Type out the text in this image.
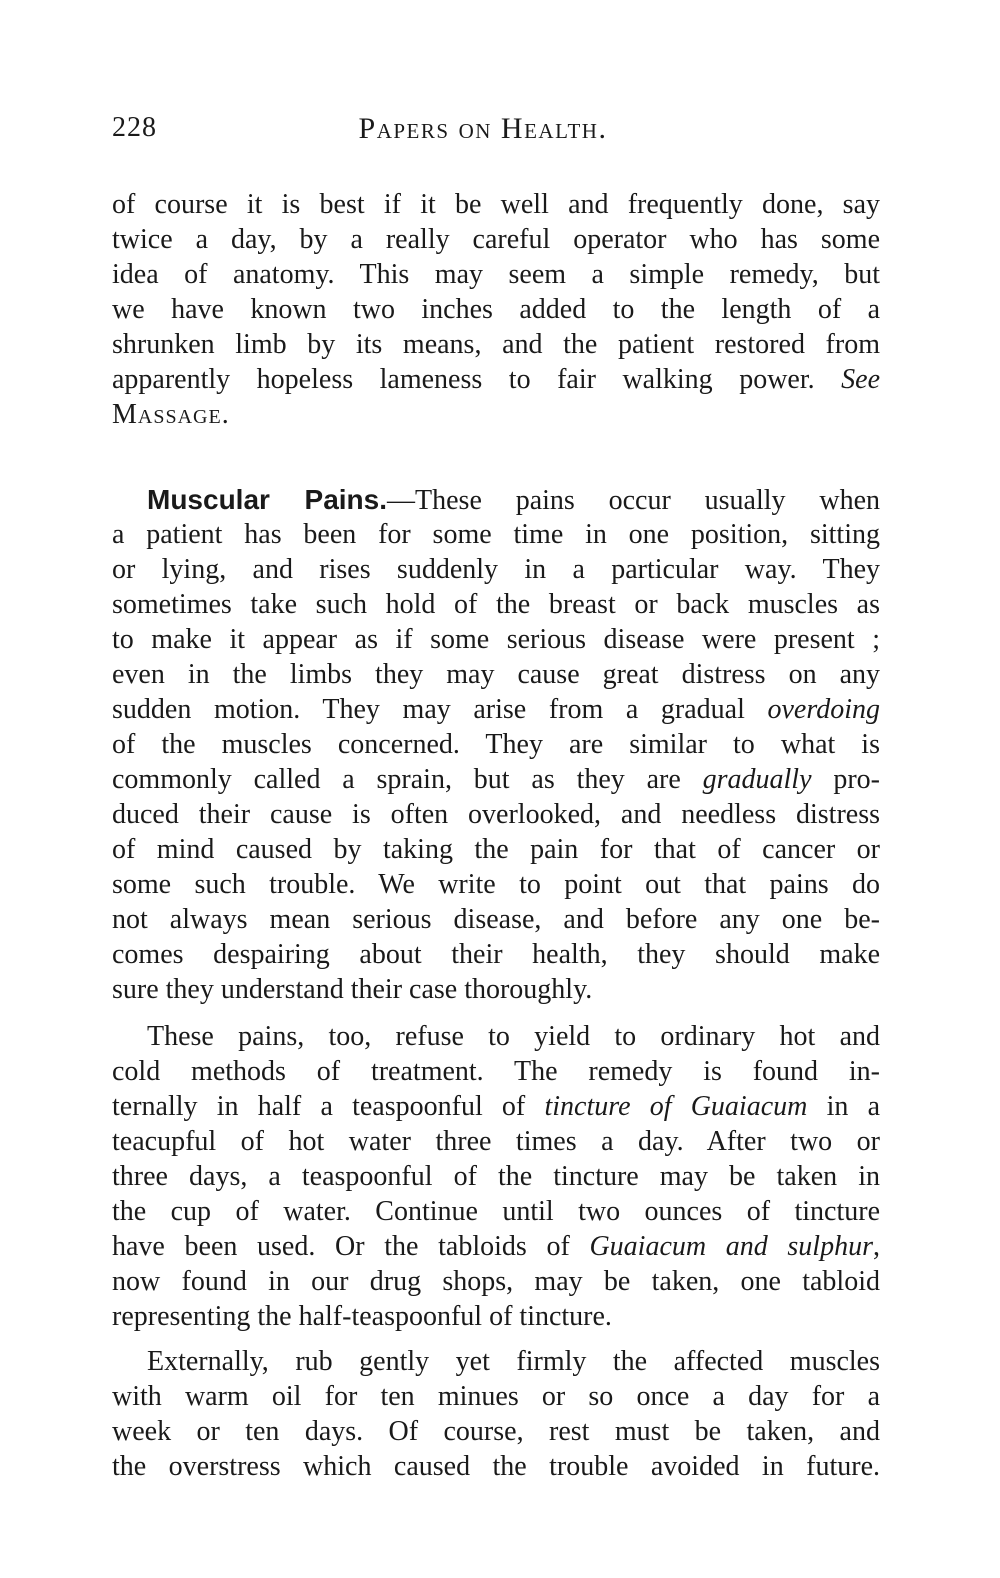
228	Papers on Health.
of course it is best if it be well and frequently done, say
twice a day, by a really careful operator who has some
idea of anatomy. This may seem a simple remedy, but
we have known two inches added to the length of a
shrunken limb by its means, and the patient restored from
apparently hopeless lameness to fair walking power. See
Massage.
Muscular Pains.—These pains occur usually when
a patient has been for some time in one position, sitting
or lying, and rises suddenly in a particular way. They
sometimes take such hold of the breast or back muscles as
to make it appear as if some serious disease were present ;
even in the limbs they may cause great distress on any
sudden motion. They may arise from a gradual overdoing
of the muscles concerned. They are similar to what is
commonly called a sprain, but as they are gradually pro-
duced their cause is often overlooked, and needless distress
of mind caused by taking the pain for that of cancer or
some such trouble. We write to point out that pains do
not always mean serious disease, and before any one be-
comes despairing about their health, they should make
sure they understand their case thoroughly.
These pains, too, refuse to yield to ordinary hot and
cold methods of treatment. The remedy is found in-
ternally in half a teaspoonful of tincture of Guaiacum in a
teacupful of hot water three times a day. After two or
three days, a teaspoonful of the tincture may be taken in
the cup of water. Continue until two ounces of tincture
have been used. Or the tabloids of Guaiacum and sulphur,
now found in our drug shops, may be taken, one tabloid
representing the half-teaspoonful of tincture.
Externally, rub gently yet firmly the affected muscles
with warm oil for ten minues or so once a day for a
week or ten days. Of course, rest must be taken, and
the overstress which caused the trouble avoided in future.
